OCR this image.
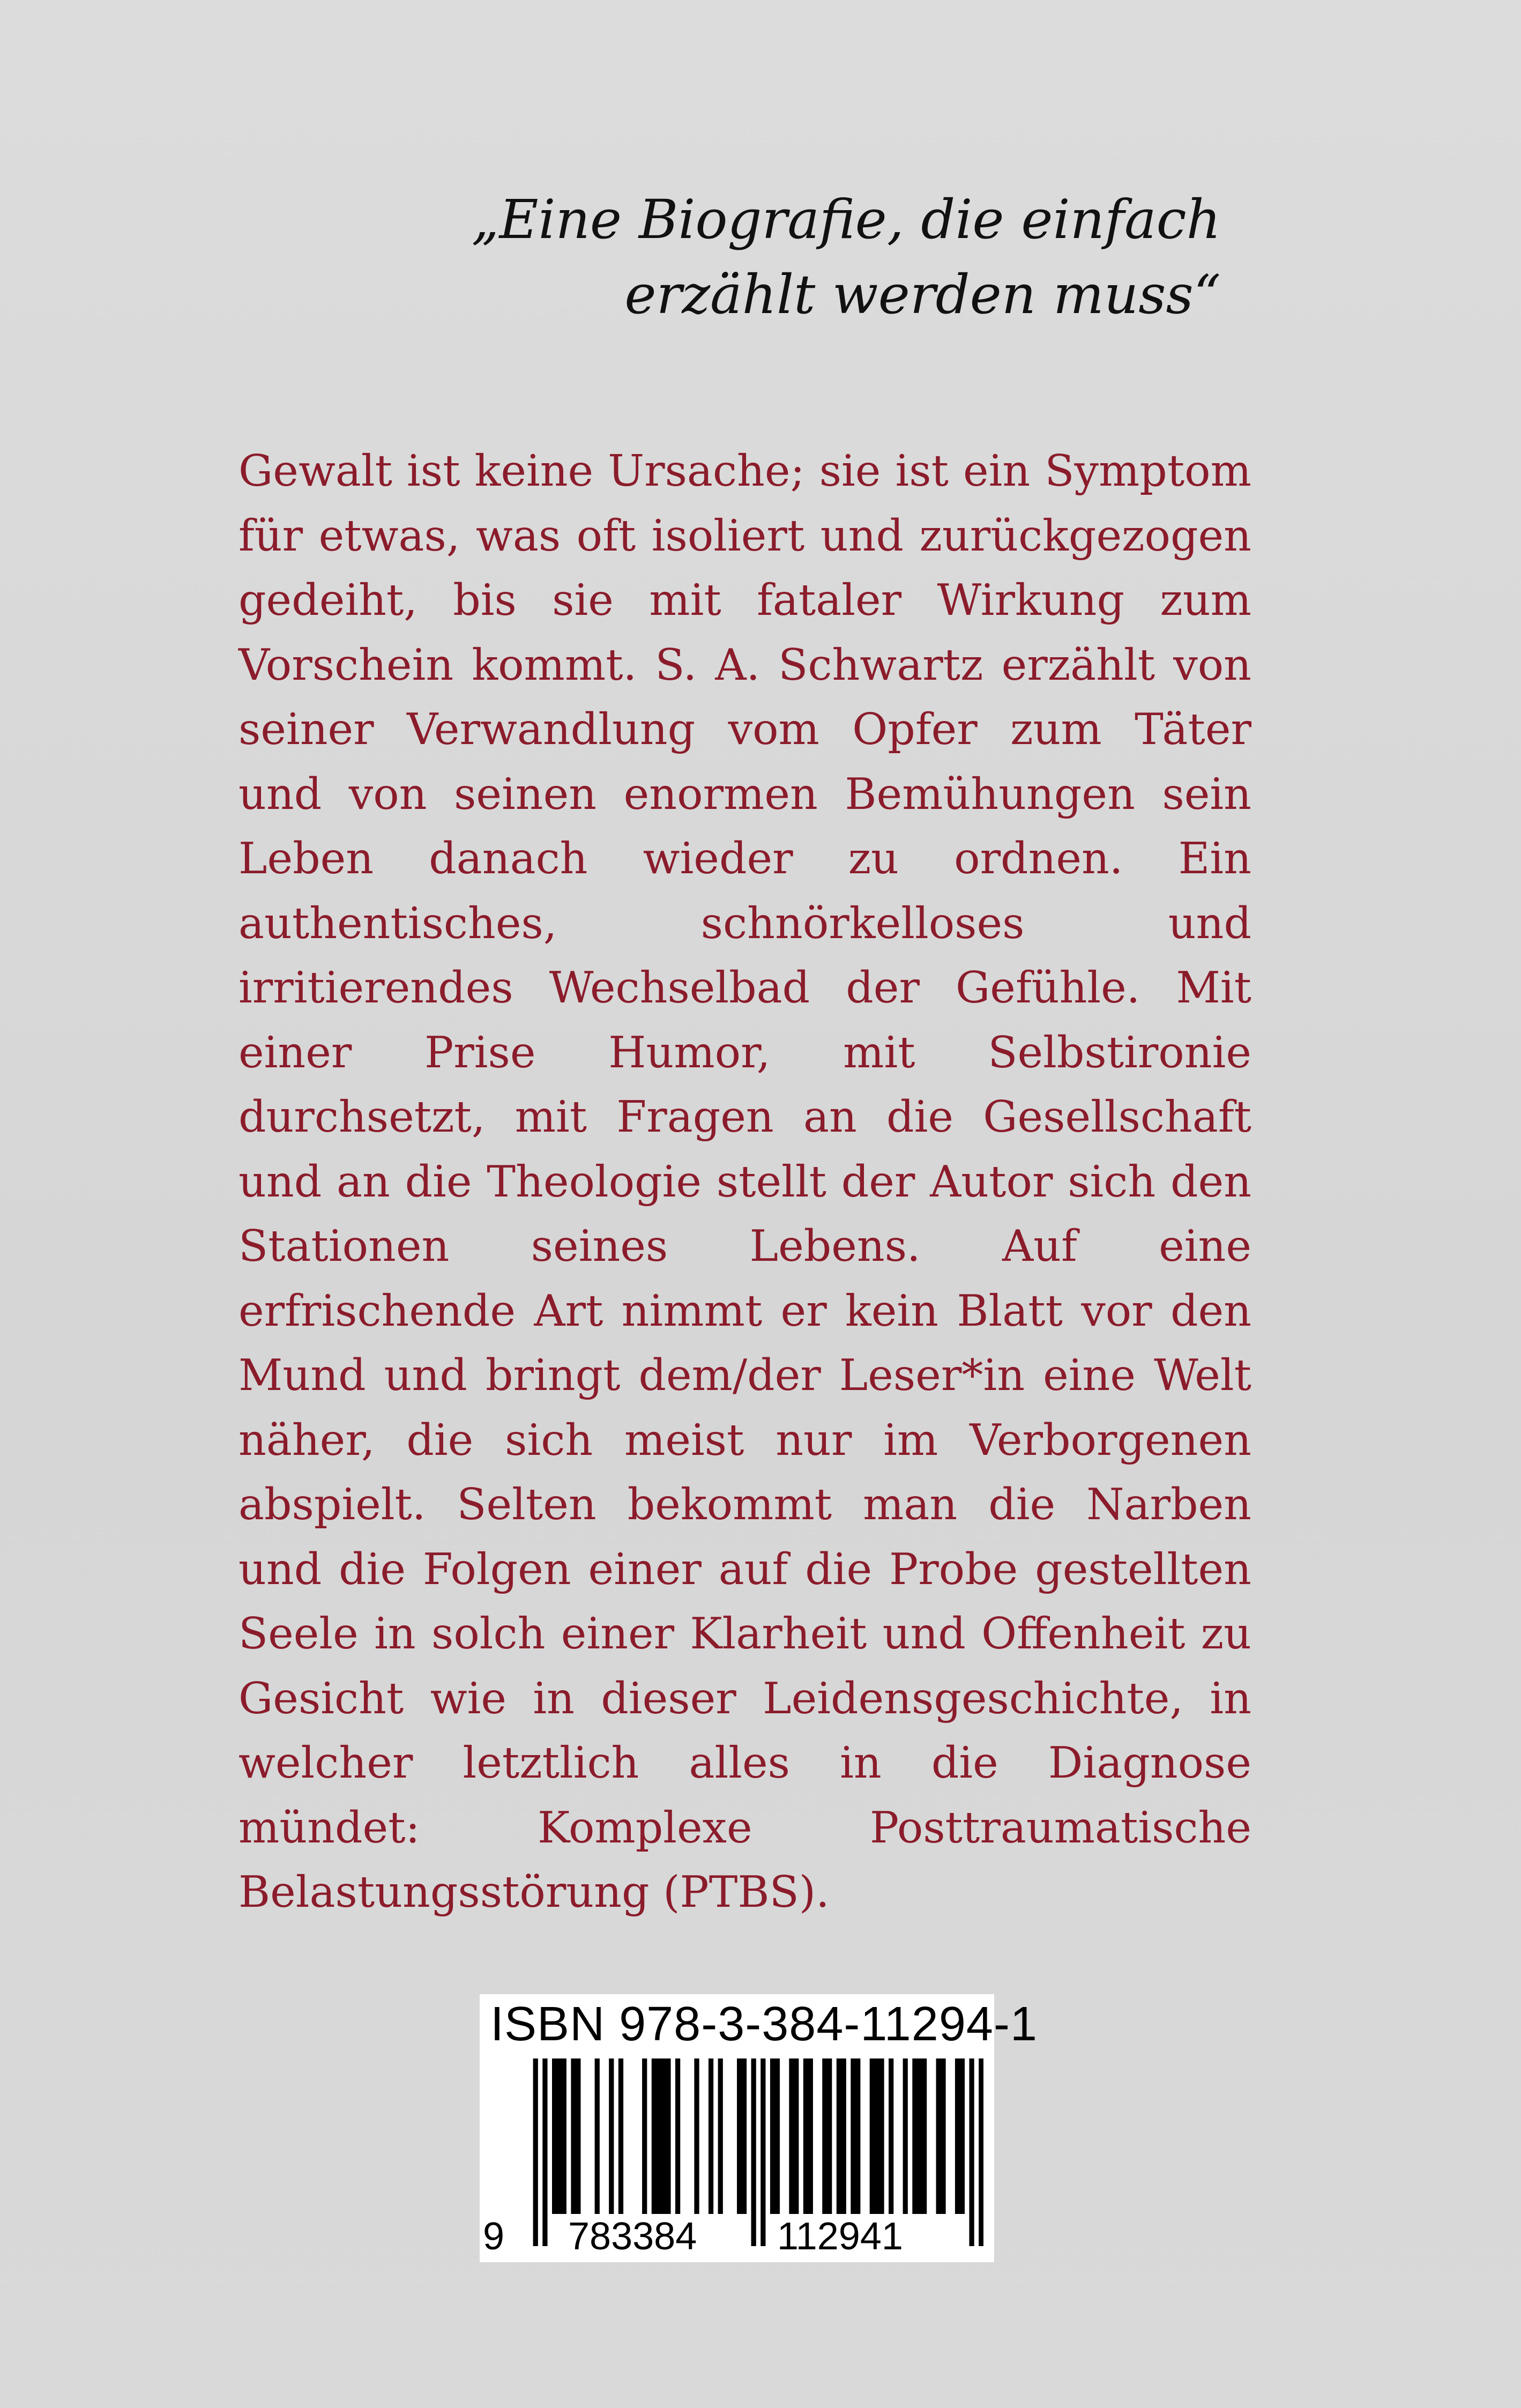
„Eine Biografie, die einfach
erzählt werden muss“
Gewalt ist keine Ursache; sie ist ein Symptom für etwas, was oft isoliert und zurückgezogen gedeiht, bis sie mit fataler Wirkung zum Vorschein kommt. S. A. Schwartz erzählt von seiner Verwandlung vom Opfer zum Täter und von seinen enormen Bemühungen sein Leben danach wieder zu ordnen. Ein authentisches, schnörkelloses und irritierendes Wechselbad der Gefühle. Mit einer Prise Humor, mit Selbstironie durchsetzt, mit Fragen an die Gesellschaft und an die Theologie stellt der Autor sich den Stationen seines Lebens. Auf eine erfrischende Art nimmt er kein Blatt vor den Mund und bringt dem/der Leser*in eine Welt näher, die sich meist nur im Verborgenen abspielt. Selten bekommt man die Narben und die Folgen einer auf die Probe gestellten Seele in solch einer Klarheit und Offenheit zu Gesicht wie in dieser Leidensgeschichte, in welcher letztlich alles in die Diagnose mündet: Komplexe Posttraumatische Belastungsstörung (PTBS).
ISBN 978-3-384-11294-1
9 783384 112941
